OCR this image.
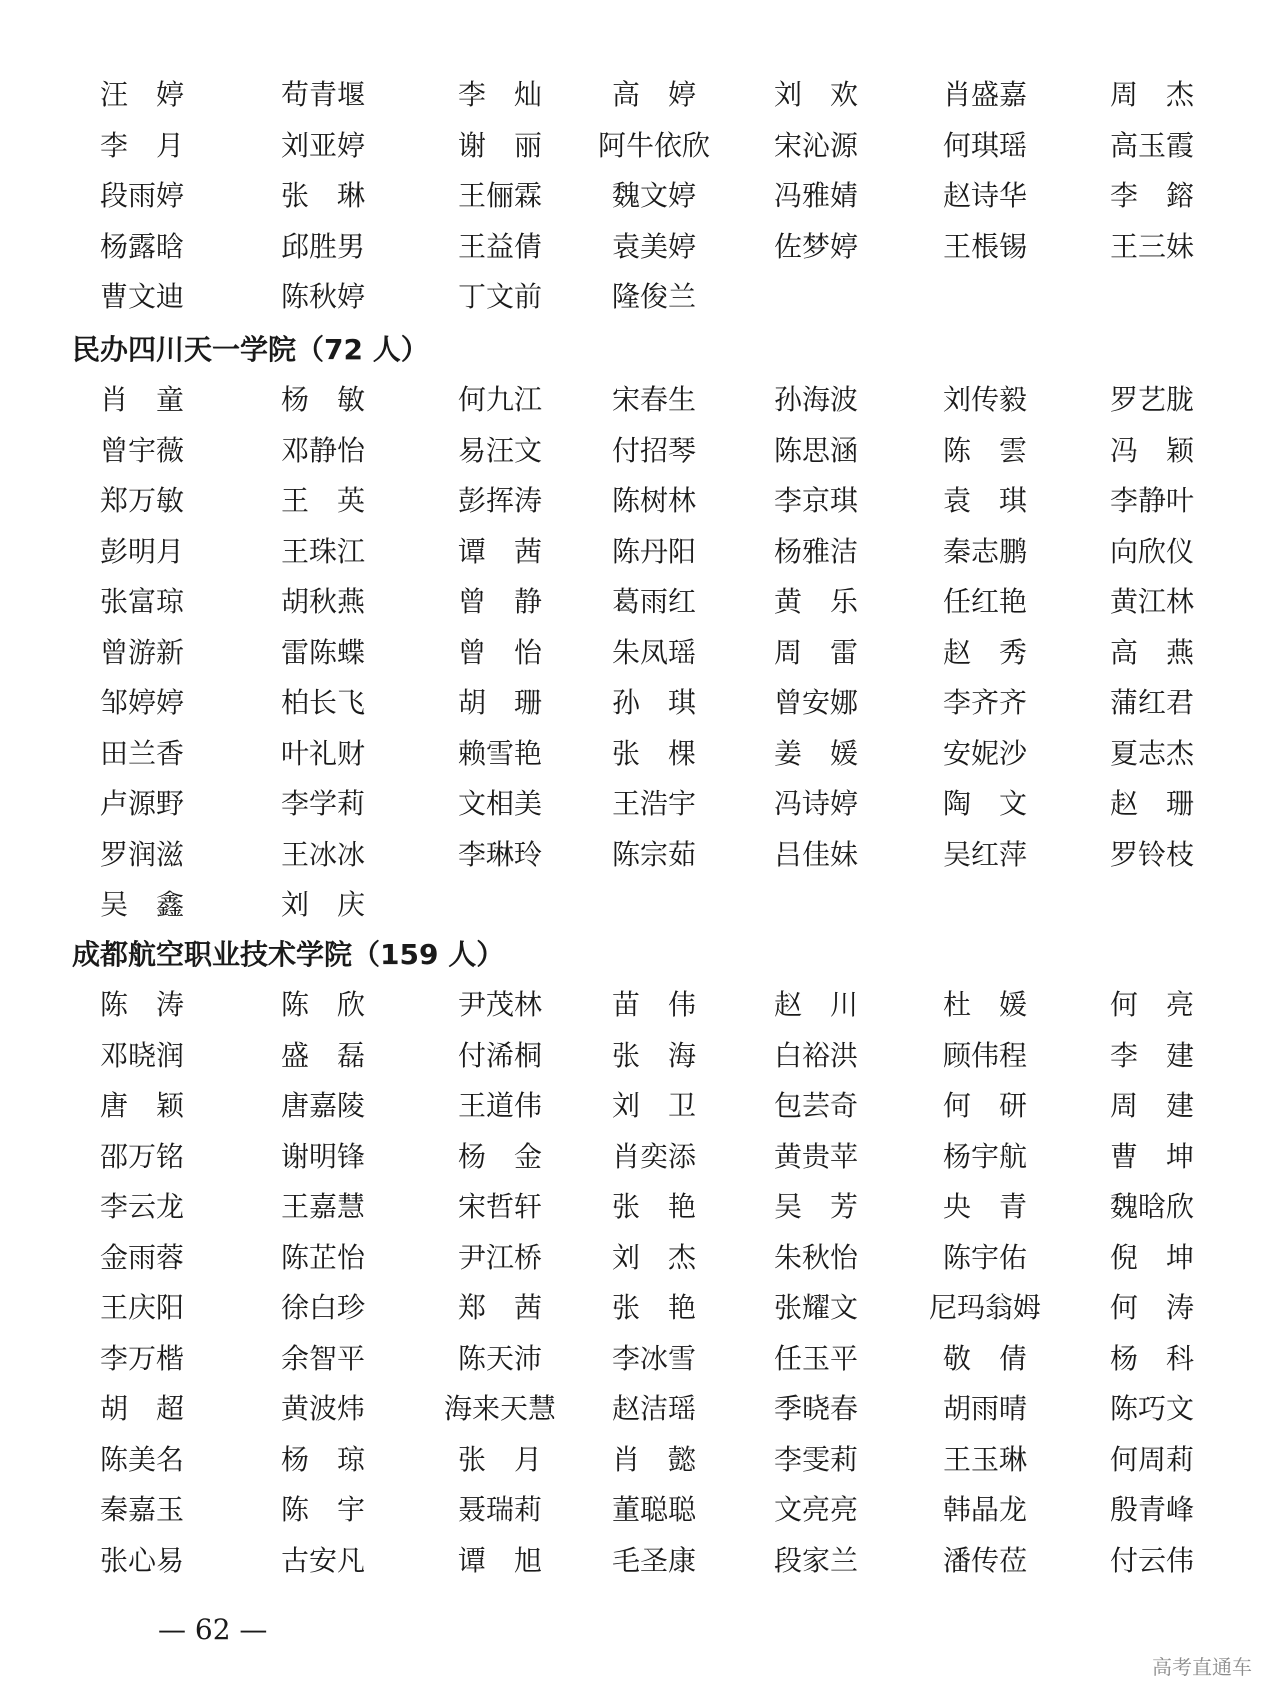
汪　婷	苟青堰	李　灿	高　婷	刘　欢	肖盛嘉	周　杰
李　月	刘亚婷	谢　丽	阿牛依欣	宋沁源	何琪瑶	高玉霞
段雨婷	张　琳	王俪霖	魏文婷	冯雅婧	赵诗华	李　鎔
杨露晗	邱胜男	王益倩	袁美婷	佐梦婷	王棖锡	王三妹
曹文迪	陈秋婷	丁文前	隆俊兰
民办四川天一学院（72 人）
肖　童	杨　敏	何九江	宋春生	孙海波	刘传毅	罗艺胧
曾宇薇	邓静怡	易汪文	付招琴	陈思涵	陈　雲	冯　颖
郑万敏	王　英	彭挥涛	陈树林	李京琪	袁　琪	李静叶
彭明月	王珠江	谭　茜	陈丹阳	杨雅洁	秦志鹏	向欣仪
张富琼	胡秋燕	曾　静	葛雨红	黄　乐	任红艳	黄江林
曾游新	雷陈蝶	曾　怡	朱凤瑶	周　雷	赵　秀	高　燕
邹婷婷	柏长飞	胡　珊	孙　琪	曾安娜	李齐齐	蒲红君
田兰香	叶礼财	赖雪艳	张　棵	姜　媛	安妮沙	夏志杰
卢源野	李学莉	文相美	王浩宇	冯诗婷	陶　文	赵　珊
罗润滋	王冰冰	李琳玲	陈宗茹	吕佳妹	吴红萍	罗铃枝
吴　鑫	刘　庆
成都航空职业技术学院（159 人）
陈　涛	陈　欣	尹茂林	苗　伟	赵　川	杜　媛	何　亮
邓晓润	盛　磊	付浠桐	张　海	白裕洪	顾伟程	李　建
唐　颖	唐嘉陵	王道伟	刘　卫	包芸奇	何　研	周　建
邵万铭	谢明锋	杨　金	肖奕添	黄贵苹	杨宇航	曹　坤
李云龙	王嘉慧	宋哲轩	张　艳	吴　芳	央　青	魏晗欣
金雨蓉	陈芷怡	尹江桥	刘　杰	朱秋怡	陈宇佑	倪　坤
王庆阳	徐白珍	郑　茜	张　艳	张耀文	尼玛翁姆	何　涛
李万楷	余智平	陈天沛	李冰雪	任玉平	敬　倩	杨　科
胡　超	黄波炜	海来天慧	赵洁瑶	季晓春	胡雨晴	陈巧文
陈美名	杨　琼	张　月	肖　懿	李雯莉	王玉琳	何周莉
秦嘉玉	陈　宇	聂瑞莉	董聪聪	文亮亮	韩晶龙	殷青峰
张心易	古安凡	谭　旭	毛圣康	段家兰	潘传莅	付云伟
— 62 —
高考直通车
